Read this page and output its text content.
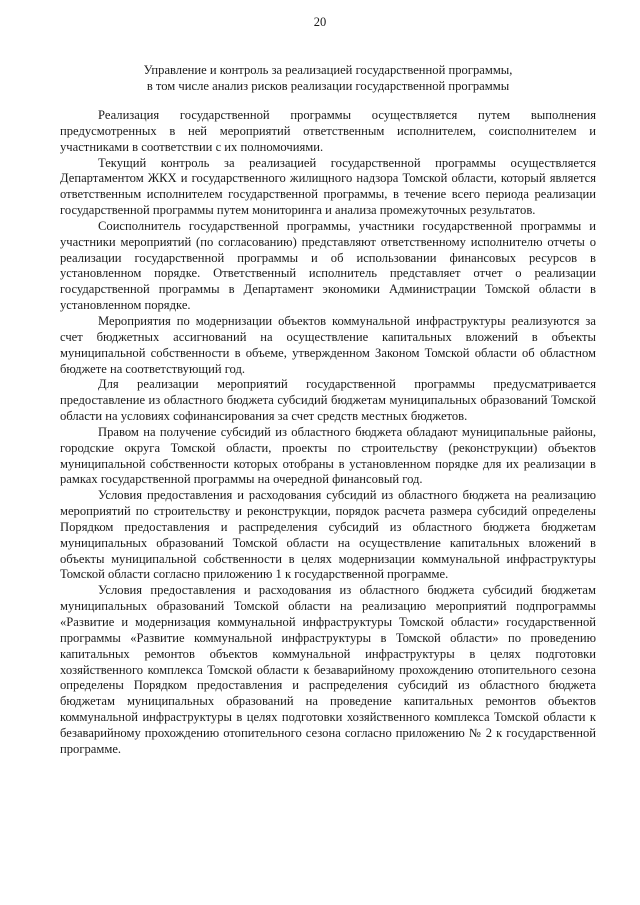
20
Управление и контроль за реализацией государственной программы,
в том числе анализ рисков реализации государственной программы

Реализация государственной программы осуществляется путем выполнения предусмотренных в ней мероприятий ответственным исполнителем, соисполнителем и участниками в соответствии с их полномочиями.

Текущий контроль за реализацией государственной программы осуществляется Департаментом ЖКХ и государственного жилищного надзора Томской области, который является ответственным исполнителем государственной программы, в течение всего периода реализации государственной программы путем мониторинга и анализа промежуточных результатов.

Соисполнитель государственной программы, участники государственной программы и участники мероприятий (по согласованию) представляют ответственному исполнителю отчеты о реализации государственной программы и об использовании финансовых ресурсов в установленном порядке. Ответственный исполнитель представляет отчет о реализации государственной программы в Департамент экономики Администрации Томской области в установленном порядке.

Мероприятия по модернизации объектов коммунальной инфраструктуры реализуются за счет бюджетных ассигнований на осуществление капитальных вложений в объекты муниципальной собственности в объеме, утвержденном Законом Томской области об областном бюджете на соответствующий год.

Для реализации мероприятий государственной программы предусматривается предоставление из областного бюджета субсидий бюджетам муниципальных образований Томской области на условиях софинансирования за счет средств местных бюджетов.

Правом на получение субсидий из областного бюджета обладают муниципальные районы, городские округа Томской области, проекты по строительству (реконструкции) объектов муниципальной собственности которых отобраны в установленном порядке для их реализации в рамках государственной программы на очередной финансовый год.

Условия предоставления и расходования субсидий из областного бюджета на реализацию мероприятий по строительству и реконструкции, порядок расчета размера субсидий определены Порядком предоставления и распределения субсидий из областного бюджета бюджетам муниципальных образований Томской области на осуществление капитальных вложений в объекты муниципальной собственности в целях модернизации коммунальной инфраструктуры Томской области согласно приложению 1 к государственной программе.

Условия предоставления и расходования из областного бюджета субсидий бюджетам муниципальных образований Томской области на реализацию мероприятий подпрограммы «Развитие и модернизация коммунальной инфраструктуры Томской области» государственной программы «Развитие коммунальной инфраструктуры в Томской области» по проведению капитальных ремонтов объектов коммунальной инфраструктуры в целях подготовки хозяйственного комплекса Томской области к безаварийному прохождению отопительного сезона определены Порядком предоставления и распределения субсидий из областного бюджета бюджетам муниципальных образований на проведение капитальных ремонтов объектов коммунальной инфраструктуры в целях подготовки хозяйственного комплекса Томской области к безаварийному прохождению отопительного сезона согласно приложению № 2 к государственной программе.
